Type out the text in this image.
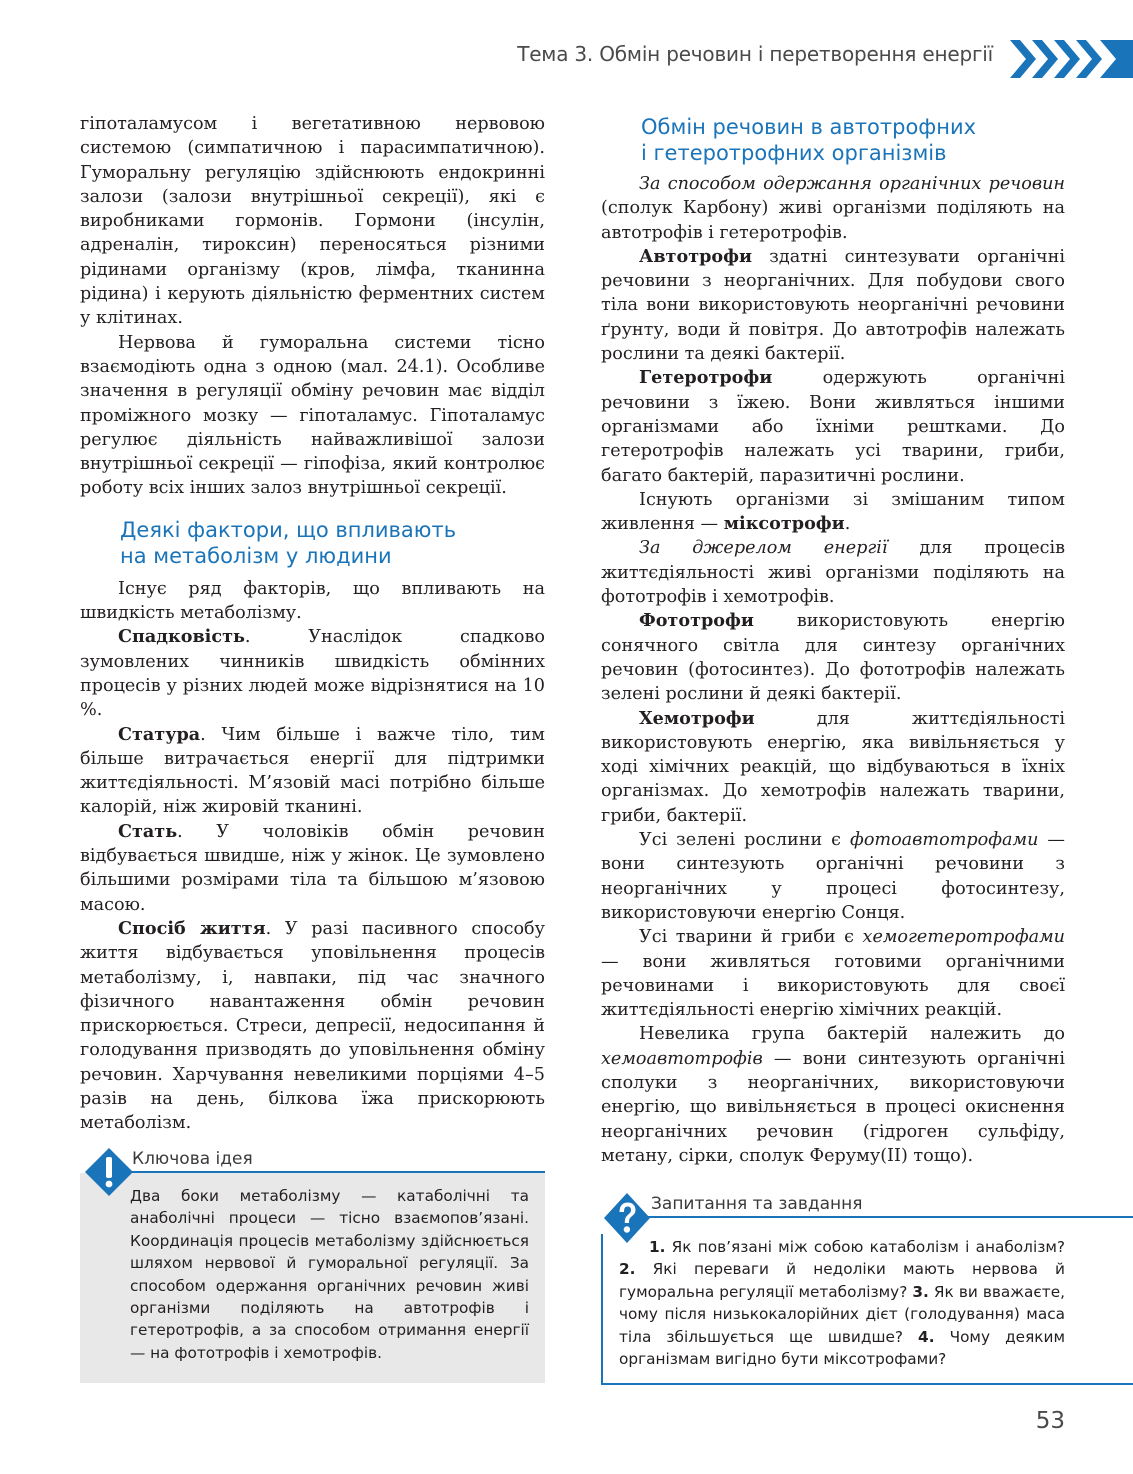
Тема 3. Обмін речовин і перетворення енергії

гіпоталамусом і вегетативною нервовою системою (симпатичною і парасимпатичною). Гуморальну регуляцію здійснюють ендокринні залози (залози внутрішньої секреції), які є виробниками гормонів. Гормони (інсулін, адреналін, тироксин) переносяться різними рідинами організму (кров, лімфа, тканинна рідина) і керують діяльністю ферментних систем у клітинах.

Нервова й гуморальна системи тісно взаємодіють одна з одною (мал. 24.1). Особливе значення в регуляції обміну речовин має відділ проміжного мозку — гіпоталамус. Гіпоталамус регулює діяльність найважливішої залози внутрішньої секреції — гіпофіза, який контролює роботу всіх інших залоз внутрішньої секреції.

Деякі фактори, що впливають
на метаболізм у людини

Існує ряд факторів, що впливають на швидкість метаболізму.

Спадковість. Унаслідок спадково зумовлених чинників швидкість обмінних процесів у різних людей може відрізнятися на 10 %.

Статура. Чим більше і важче тіло, тим більше витрачається енергії для підтримки життєдіяльності. М’язовій масі потрібно більше калорій, ніж жировій тканині.

Стать. У чоловіків обмін речовин відбувається швидше, ніж у жінок. Це зумовлено більшими розмірами тіла та більшою м’язовою масою.

Спосіб життя. У разі пасивного способу життя відбувається уповільнення процесів метаболізму, і, навпаки, під час значного фізичного навантаження обмін речовин прискорюється. Стреси, депресії, недосипання й голодування призводять до уповільнення обміну речовин. Харчування невеликими порціями 4–5 разів на день, білкова їжа прискорюють метаболізм.

Два боки метаболізму — катаболічні та анаболічні процеси — тісно взаємопов’язані. Координація процесів метаболізму здійснюється шляхом нервової й гуморальної регуляції. За способом одержання органічних речовин живі організми поділяють на автотрофів і гетеротрофів, а за способом отримання енергії — на фототрофів і хемотрофів.

Ключова ідея
Обмін речовин в автотрофних
і гетеротрофних організмів

За способом одержання органічних речовин (сполук Карбону) живі організми поділяють на автотрофів і гетеротрофів.

Автотрофи здатні синтезувати органічні речовини з неорганічних. Для побудови свого тіла вони використовують неорганічні речовини ґрунту, води й повітря. До автотрофів належать рослини та деякі бактерії.

Гетеротрофи одержують органічні речовини з їжею. Вони живляться іншими організмами або їхніми рештками. До гетеротрофів належать усі тварини, гриби, багато бактерій, паразитичні рослини.

Існують організми зі змішаним типом живлення — міксотрофи.

За джерелом енергії для процесів життєдіяльності живі організми поділяють на фототрофів і хемотрофів.

Фототрофи використовують енергію сонячного світла для синтезу органічних речовин (фотосинтез). До фототрофів належать зелені рослини й деякі бактерії.

Хемотрофи для життєдіяльності використовують енергію, яка вивільняється у ході хімічних реакцій, що відбуваються в їхніх організмах. До хемотрофів належать тварини, гриби, бактерії.

Усі зелені рослини є фотоавтотрофами — вони синтезують органічні речовини з неорганічних у процесі фотосинтезу, використовуючи енергію Сонця.

Усі тварини й гриби є хемогетеротрофами — вони живляться готовими органічними речовинами і використовують для своєї життєдіяльності енергію хімічних реакцій.

Невелика група бактерій належить до хемоавтотрофів — вони синтезують органічні сполуки з неорганічних, використовуючи енергію, що вивільняється в процесі окиснення неорганічних речовин (гідроген сульфіду, метану, сірки, сполук Феруму(ІІ) тощо).

Запитання та завдання

1. Як пов’язані між собою катаболізм і анаболізм? 2. Які переваги й недоліки мають нервова й гуморальна регуляції метаболізму? 3. Як ви вважаєте, чому після низькокалорійних дієт (голодування) маса тіла збільшується ще швидше? 4. Чому деяким організмам вигідно бути міксотрофами?

53
